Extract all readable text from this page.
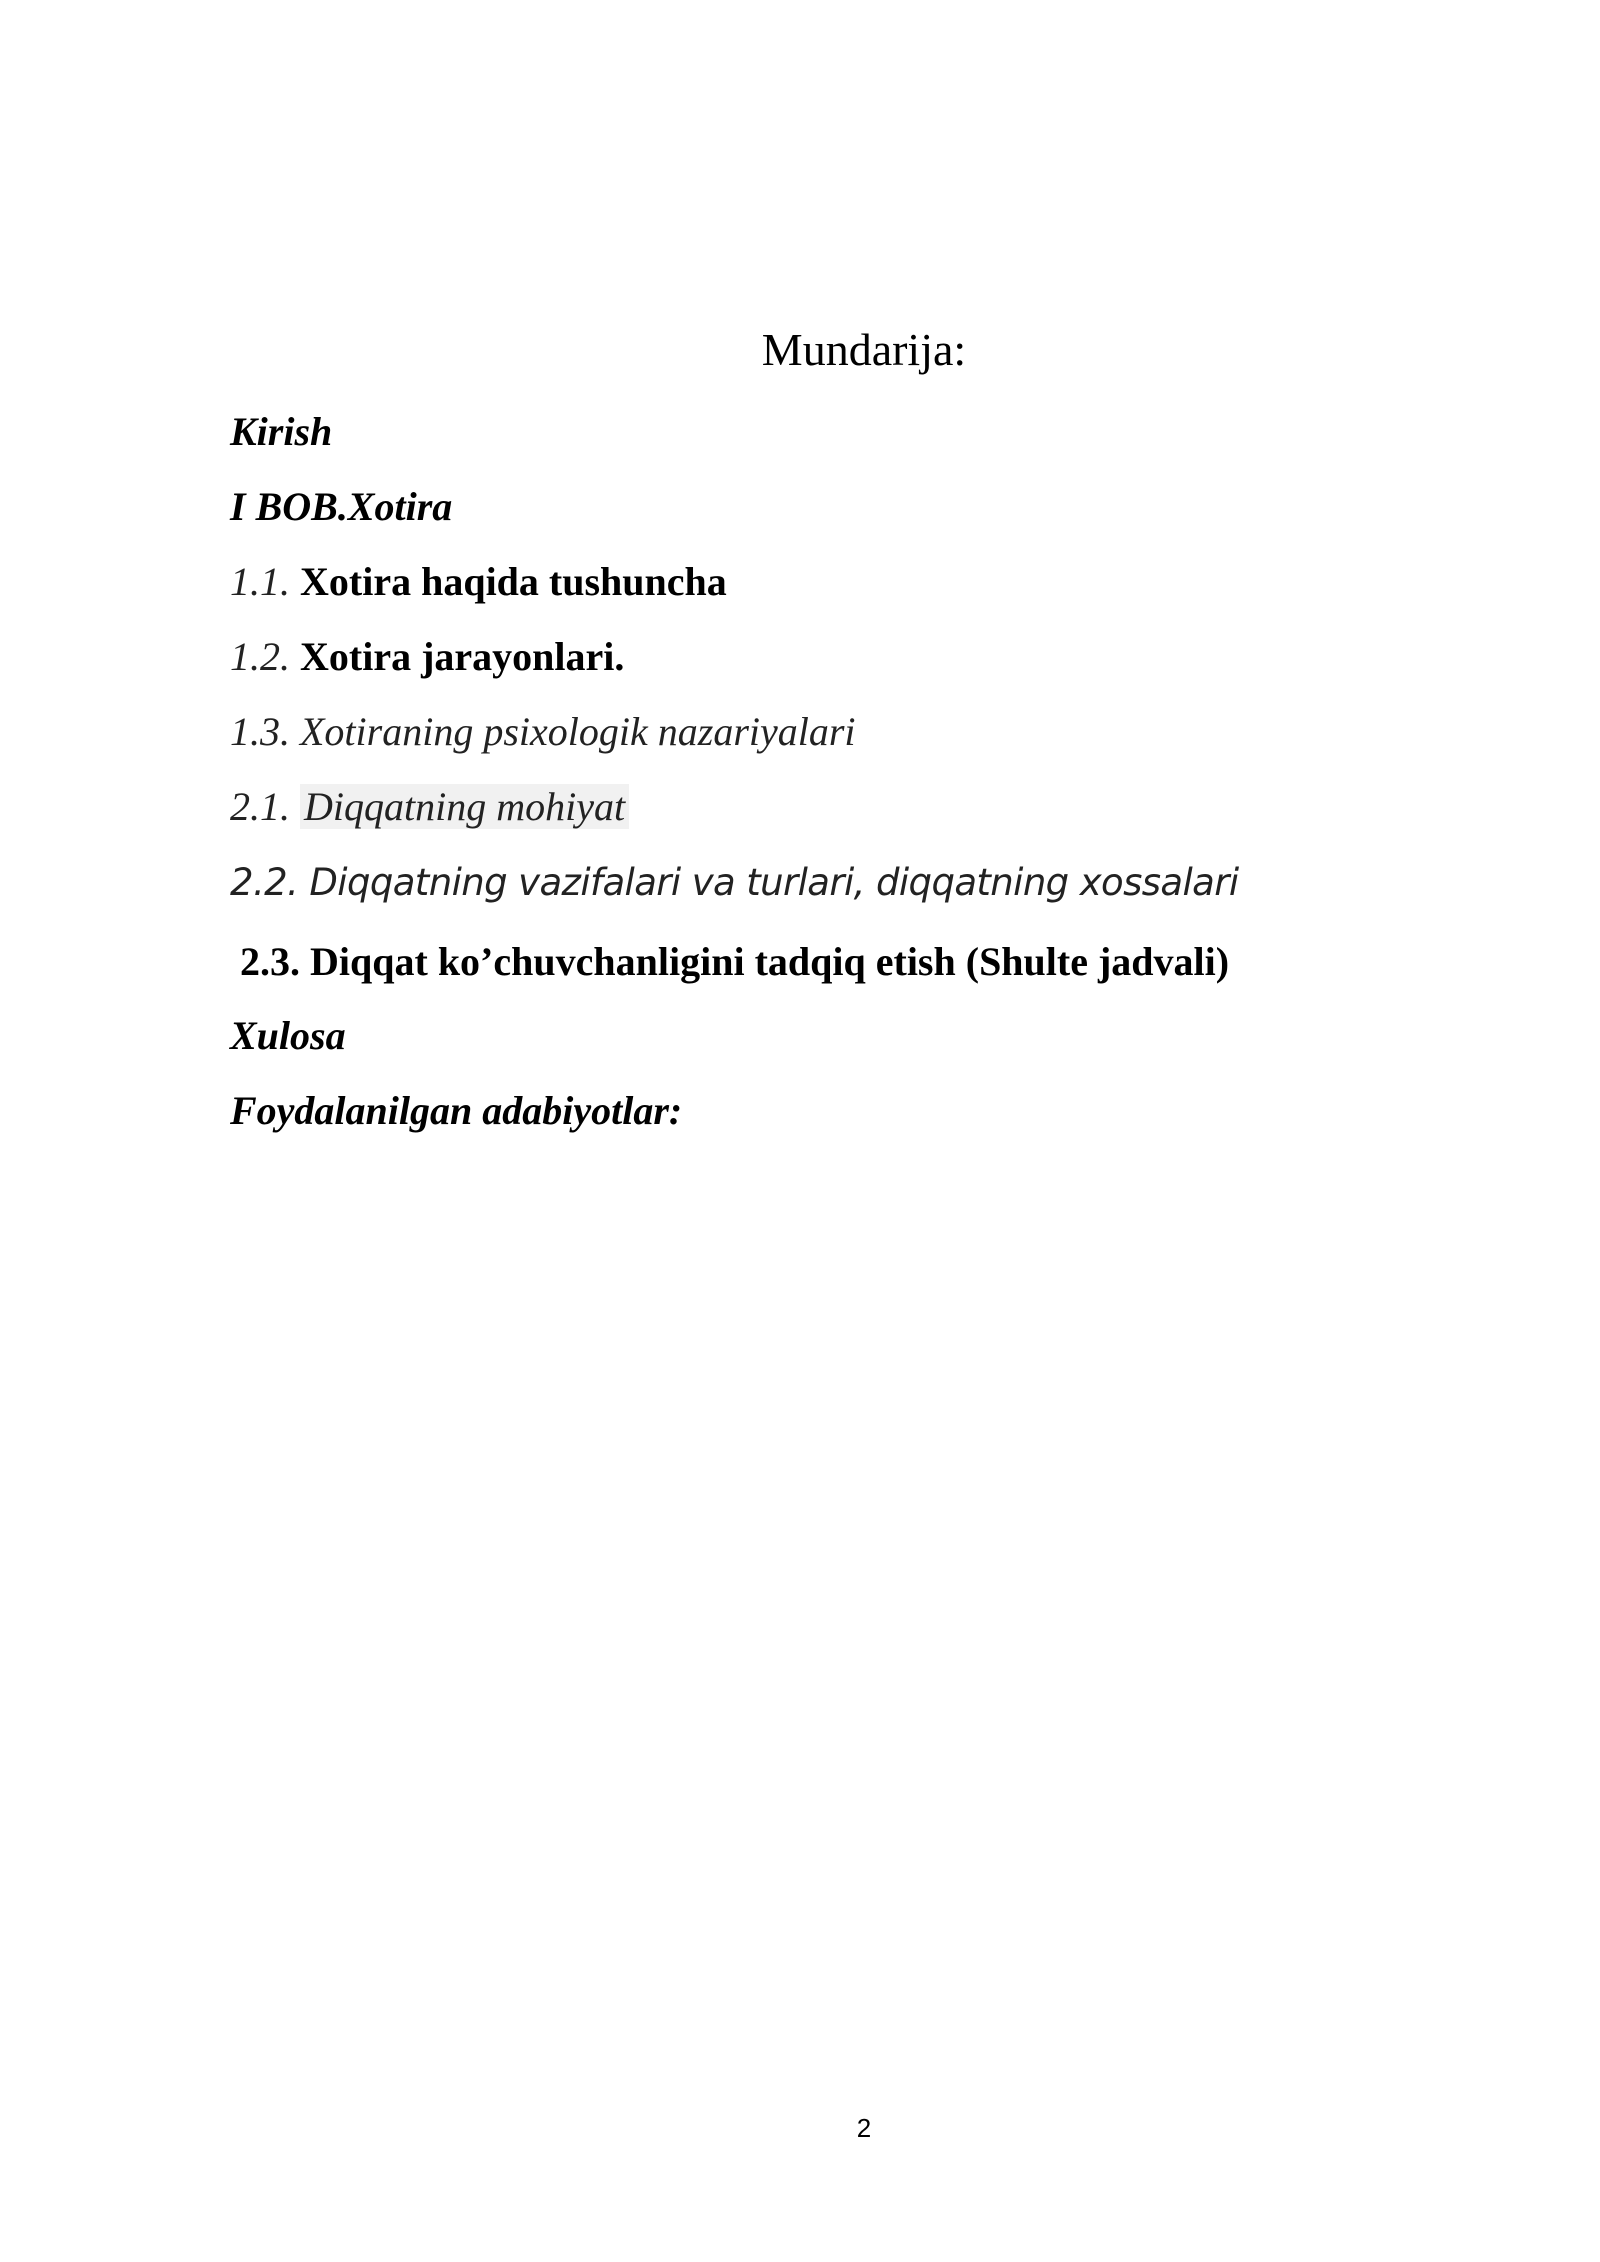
Mundarija:
Kirish
I BOB.Xotira
1.1. Xotira haqida tushuncha
1.2. Xotira jarayonlari.
1.3. Xotiraning psixologik nazariyalari
2.1. Diqqatning mohiyat
2.2. Diqqatning vazifalari va turlari, diqqatning xossalari
2.3. Diqqat ko’chuvchanligini tadqiq etish (Shulte jadvali)
Xulosa
Foydalanilgan adabiyotlar:
2
